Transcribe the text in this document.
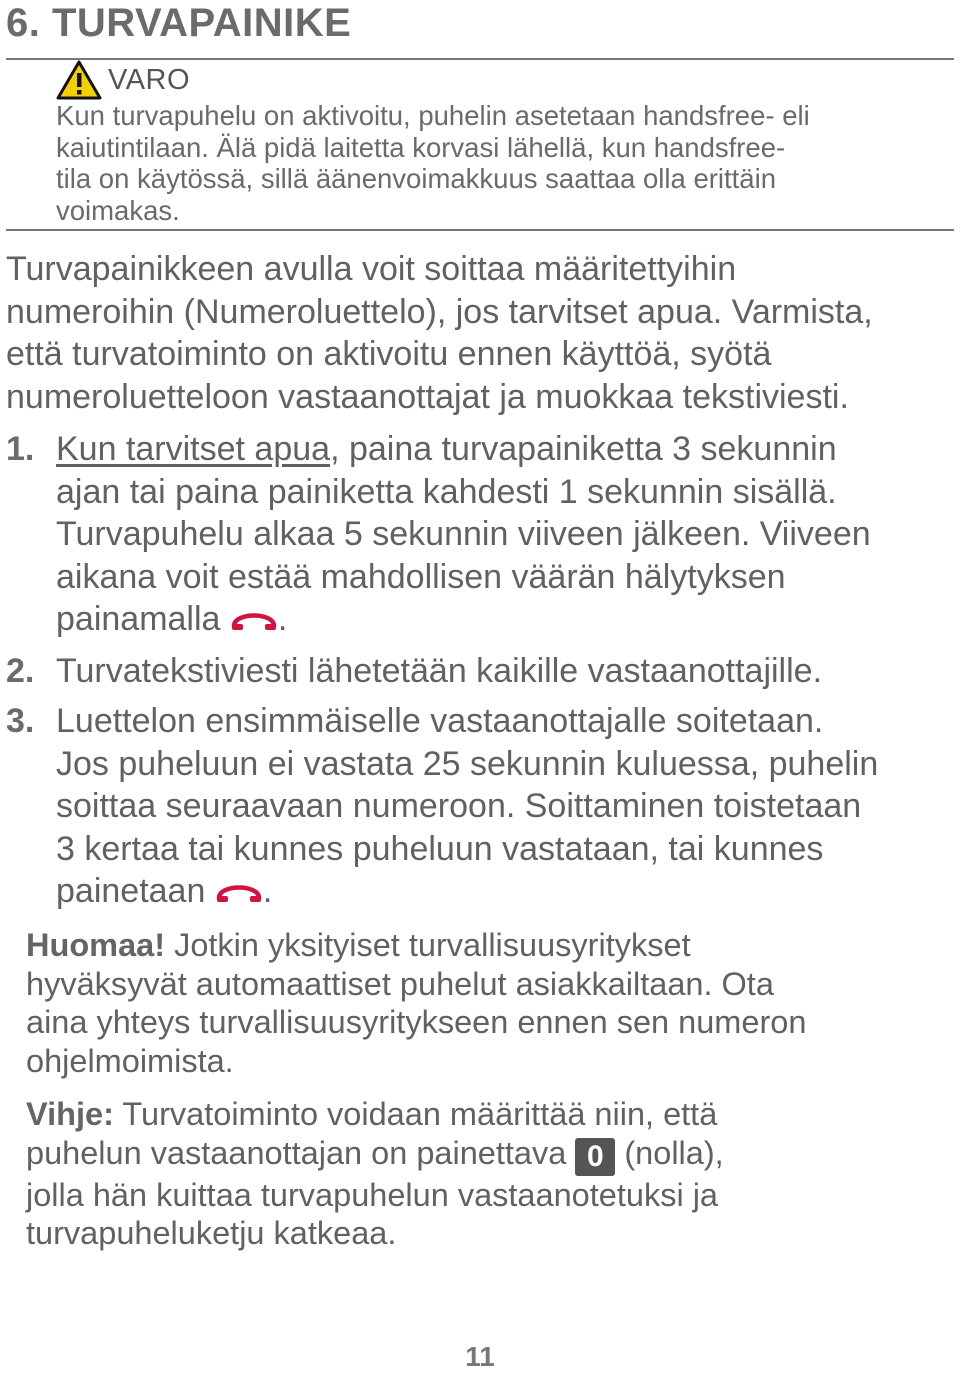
6. TURVAPAINIKE
VARO

Kun turvapuhelu on aktivoitu, puhelin asetetaan handsfree- eli
kaiutintilaan. Älä pidä laitetta korvasi lähellä, kun handsfree-
tila on käytössä, sillä äänenvoimakkuus saattaa olla erittäin
voimakas.

Turvapainikkeen avulla voit soittaa määritettyihin
numeroihin (Numeroluettelo), jos tarvitset apua. Varmista,
että turvatoiminto on aktivoitu ennen käyttöä, syötä
numeroluetteloon vastaanottajat ja muokkaa tekstiviesti.

1. Kun tarvitset apua, paina turvapainiketta 3 sekunnin
ajan tai paina painiketta kahdesti 1 sekunnin sisällä.
Turvapuhelu alkaa 5 sekunnin viiveen jälkeen. Viiveen
aikana voit estää mahdollisen väärän hälytyksen
painamalla .

2. Turvatekstiviesti lähetetään kaikille vastaanottajille.

3. Luettelon ensimmäiselle vastaanottajalle soitetaan.
Jos puheluun ei vastata 25 sekunnin kuluessa, puhelin
soittaa seuraavaan numeroon. Soittaminen toistetaan
3 kertaa tai kunnes puheluun vastataan, tai kunnes
painetaan .

Huomaa! Jotkin yksityiset turvallisuusyritykset
hyväksyvät automaattiset puhelut asiakkailtaan. Ota
aina yhteys turvallisuusyritykseen ennen sen numeron
ohjelmoimista.

Vihje: Turvatoiminto voidaan määrittää niin, että
puhelun vastaanottajan on painettava 0 (nolla),
jolla hän kuittaa turvapuhelun vastaanotetuksi ja
turvapuheluketju katkeaa.

11
